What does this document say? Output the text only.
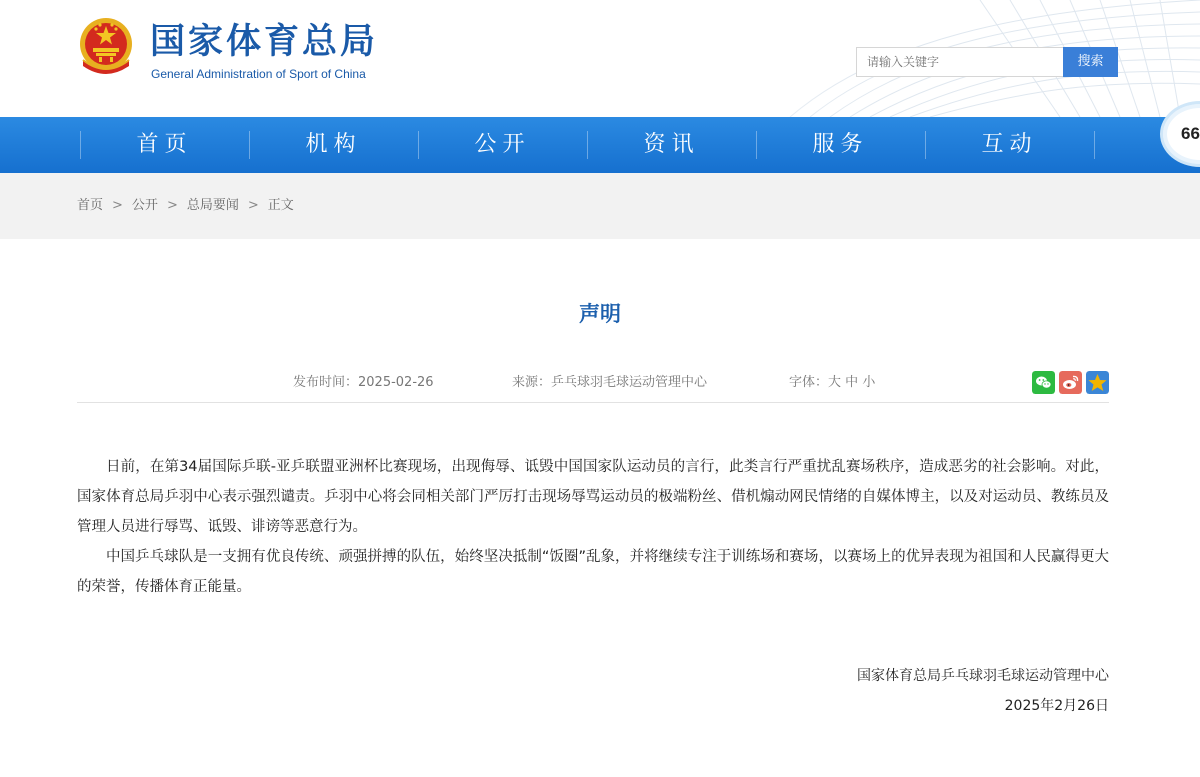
国家体育总局
General Administration of Sport of China
请输入关键字
搜索
首页	机构	公开	资讯	服务	互动	66
首页 > 公开 > 总局要闻 > 正文
声明
发布时间：2025-02-26	来源：乒乓球羽毛球运动管理中心	字体：大 中 小

日前，在第34届国际乒联-亚乒联盟亚洲杯比赛现场，出现侮辱、诋毁中国国家队运动员的言行，此类言行严重扰乱赛场秩序，造成恶劣的社会影响。对此，国家体育总局乒羽中心表示强烈谴责。乒羽中心将会同相关部门严厉打击现场辱骂运动员的极端粉丝、借机煽动网民情绪的自媒体博主，以及对运动员、教练员及管理人员进行辱骂、诋毁、诽谤等恶意行为。

中国乒乓球队是一支拥有优良传统、顽强拼搏的队伍，始终坚决抵制“饭圈”乱象，并将继续专注于训练场和赛场，以赛场上的优异表现为祖国和人民赢得更大的荣誉，传播体育正能量。

国家体育总局乒乓球羽毛球运动管理中心
2025年2月26日
